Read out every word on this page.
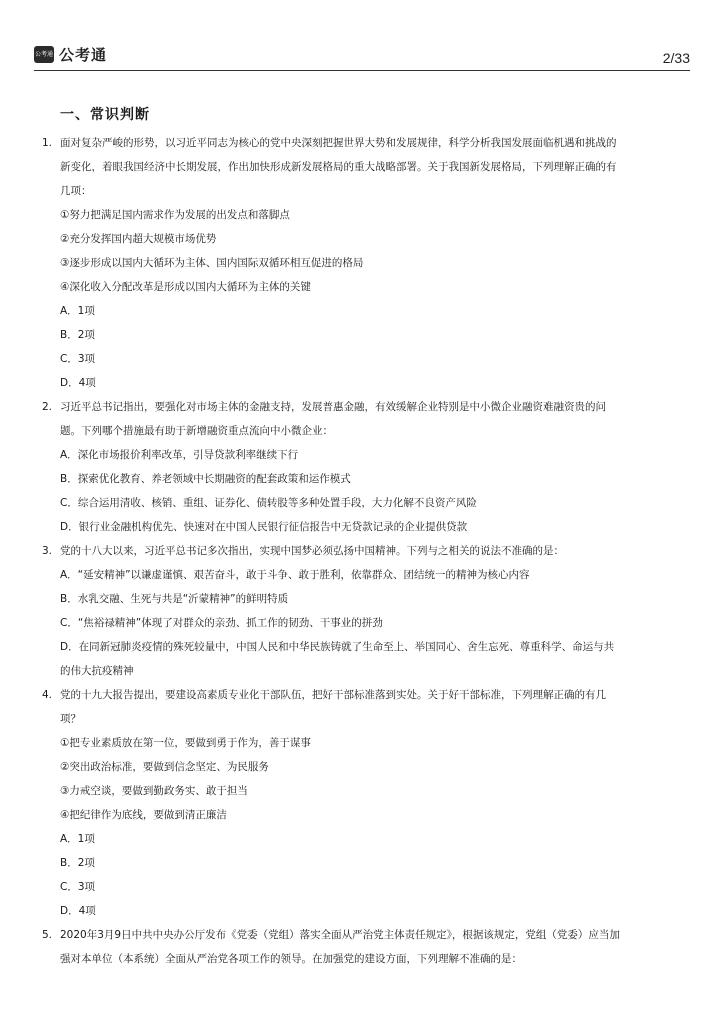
公考通 公考通	2/33
一、常识判断
1. 面对复杂严峻的形势，以习近平同志为核心的党中央深刻把握世界大势和发展规律，科学分析我国发展面临机遇和挑战的
新变化，着眼我国经济中长期发展，作出加快形成新发展格局的重大战略部署。关于我国新发展格局，下列理解正确的有
几项：
①努力把满足国内需求作为发展的出发点和落脚点
②充分发挥国内超大规模市场优势
③逐步形成以国内大循环为主体、国内国际双循环相互促进的格局
④深化收入分配改革是形成以国内大循环为主体的关键
A．1项
B．2项
C．3项
D．4项
2. 习近平总书记指出，要强化对市场主体的金融支持，发展普惠金融，有效缓解企业特别是中小微企业融资难融资贵的问
题。下列哪个措施最有助于新增融资重点流向中小微企业：
A．深化市场报价利率改革，引导贷款利率继续下行
B．探索优化教育、养老领域中长期融资的配套政策和运作模式
C．综合运用清收、核销、重组、证券化、债转股等多种处置手段，大力化解不良资产风险
D．银行业金融机构优先、快速对在中国人民银行征信报告中无贷款记录的企业提供贷款
3. 党的十八大以来，习近平总书记多次指出，实现中国梦必须弘扬中国精神。下列与之相关的说法不准确的是：
A．“延安精神”以谦虚谨慎、艰苦奋斗，敢于斗争、敢于胜利，依靠群众、团结统一的精神为核心内容
B．水乳交融、生死与共是“沂蒙精神”的鲜明特质
C．“焦裕禄精神”体现了对群众的亲劲、抓工作的韧劲、干事业的拼劲
D．在同新冠肺炎疫情的殊死较量中，中国人民和中华民族铸就了生命至上、举国同心、舍生忘死、尊重科学、命运与共
的伟大抗疫精神
4. 党的十九大报告提出，要建设高素质专业化干部队伍，把好干部标准落到实处。关于好干部标准，下列理解正确的有几
项？
①把专业素质放在第一位，要做到勇于作为，善于谋事
②突出政治标准，要做到信念坚定、为民服务
③力戒空谈，要做到勤政务实、敢于担当
④把纪律作为底线，要做到清正廉洁
A．1项
B．2项
C．3项
D．4项
5. 2020年3月9日中共中央办公厅发布《党委（党组）落实全面从严治党主体责任规定》，根据该规定，党组（党委）应当加
强对本单位（本系统）全面从严治党各项工作的领导。在加强党的建设方面，下列理解不准确的是：
